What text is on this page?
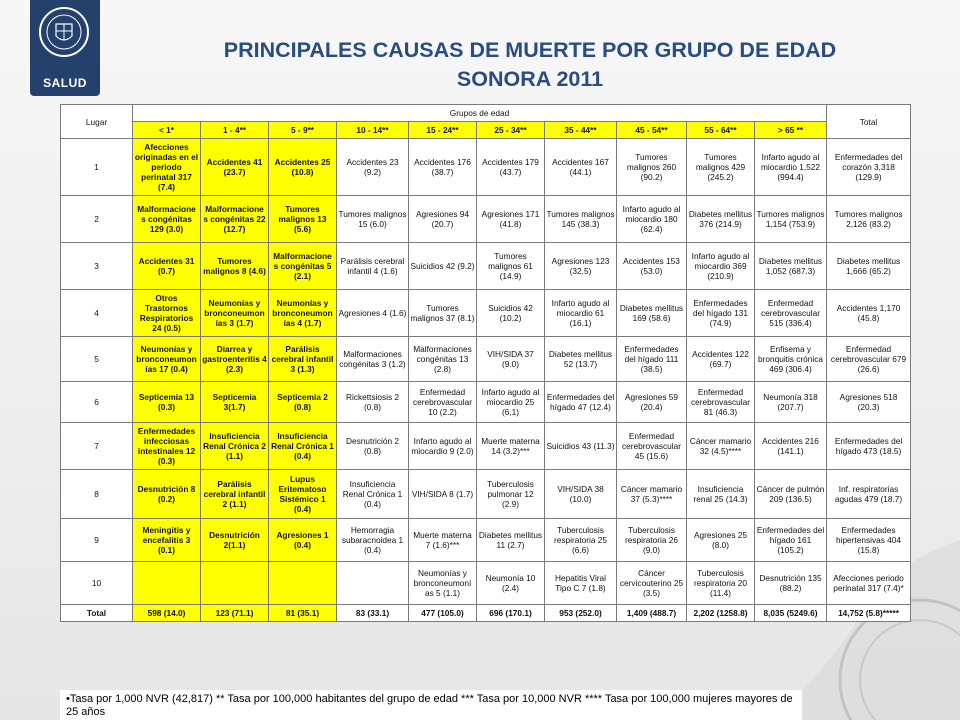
SALUD
PRINCIPALES CAUSAS DE MUERTE POR GRUPO DE EDAD
SONORA 2011
Lugar	Grupos de edad										Total
	< 1*	1 - 4**	5 - 9**	10 - 14**	15 - 24**	25 - 34**	35 - 44**	45 - 54**	55 - 64**	> 65 **	
1	Afecciones originadas en el periodo perinatal 317 (7.4)	Accidentes 41 (23.7)	Accidentes 25 (10.8)	Accidentes 23 (9.2)	Accidentes 176 (38.7)	Accidentes 179 (43.7)	Accidentes 167 (44.1)	Tumores malignos 260 (90.2)	Tumores malignos 429 (245.2)	Infarto agudo al miocardio 1,522 (994.4)	Enfermedades del corazón 3,318 (129.9)
2	Malformacione s congénitas 129 (3.0)	Malformacione s congénitas 22 (12.7)	Tumores malignos 13 (5.6)	Tumores malignos 15 (6.0)	Agresiones 94 (20.7)	Agresiones 171 (41.8)	Tumores malignos 145 (38.3)	Infarto agudo al miocardio 180 (62.4)	Diabetes mellitus 376 (214.9)	Tumores malignos 1,154 (753.9)	Tumores malignos 2,126 (83.2)
3	Accidentes 31 (0.7)	Tumores malignos 8 (4.6)	Malformacione s congénitas 5 (2.1)	Parálisis cerebral infantil 4 (1.6)	Suicidios 42 (9.2)	Tumores malignos 61 (14.9)	Agresiones 123 (32.5)	Accidentes 153 (53.0)	Infarto agudo al miocardio 369 (210.9)	Diabetes mellitus 1,052 (687.3)	Diabetes mellitus 1,666 (65.2)
4	Otros Trastornos Respiratorios 24 (0.5)	Neumonías y bronconeumon ías 3 (1.7)	Neumonías y bronconeumon ías 4 (1.7)	Agresiones 4 (1.6)	Tumores malignos 37 (8.1)	Suicidios 42 (10.2)	Infarto agudo al miocardio 61 (16.1)	Diabetes mellitus 169 (58.6)	Enfermedades del hígado 131 (74.9)	Enfermedad cerebrovascular 515 (336.4)	Accidentes 1,170 (45.8)
5	Neumonías y bronconeumon ías 17 (0.4)	Diarrea y gastroenteritis 4 (2.3)	Parálisis cerebral infantil 3 (1.3)	Malformaciones congénitas 3 (1.2)	Malformaciones congénitas 13 (2.8)	VIH/SIDA 37 (9.0)	Diabetes mellitus 52 (13.7)	Enfermedades del hígado 111 (38.5)	Accidentes 122 (69.7)	Enfisema y bronquitis crónica 469 (306.4)	Enfermedad cerebrovascular 679 (26.6)
6	Septicemia 13 (0.3)	Septicemia 3(1.7)	Septicemia 2 (0.8)	Rickettsiosis 2 (0.8)	Enfermedad cerebrovascular 10 (2.2)	Infarto agudo al miocardio 25 (6,1)	Enfermedades del hígado 47 (12.4)	Agresiones 59 (20.4)	Enfermedad cerebrovascular 81 (46.3)	Neumonía 318 (207.7)	Agresiones 518 (20.3)
7	Enfermedades infecciosas intestinales 12 (0.3)	Insuficiencia Renal Crónica 2 (1.1)	Insuficiencia Renal Crónica 1 (0.4)	Desnutrición 2 (0.8)	Infarto agudo al miocardio 9 (2.0)	Muerte materna 14 (3.2)***	Suicidios 43 (11.3)	Enfermedad cerebrovascular 45 (15.6)	Cáncer mamario 32 (4.5)****	Accidentes 216 (141.1)	Enfermedades del hígado 473 (18.5)
8	Desnutrición 8 (0.2)	Parálisis cerebral infantil 2 (1.1)	Lupus Eritematoso Sistémico 1 (0.4)	Insuficiencia Renal Crónica 1 (0.4)	VIH/SIDA 8 (1.7)	Tuberculosis pulmonar 12 (2.9)	VIH/SIDA 38 (10.0)	Cáncer mamario 37 (5.3)****	Insuficiencia renal 25 (14.3)	Cáncer de pulmón 209 (136.5)	Inf. respiratorias agudas 479 (18.7)
9	Meningitis y encefalitis 3 (0.1)	Desnutrición 2(1.1)	Agresiones 1 (0.4)	Hemorragia subaracnoidea 1 (0.4)	Muerte materna 7 (1.6)***	Diabetes mellitus 11 (2.7)	Tuberculosis respiratoria 25 (6.6)	Tuberculosis respiratoria 26 (9.0)	Agresiones 25 (8.0)	Enfermedades del hígado 161 (105.2)	Enfermedades hipertensivas 404 (15.8)
10					Neumonías y bronconeumoní as 5 (1.1)	Neumonía 10 (2.4)	Hepatitis Viral Tipo C 7 (1.8)	Cáncer cervicouterino 25 (3.5)	Tuberculosis respiratoria 20 (11.4)	Desnutrición 135 (88.2)	Afecciones periodo perinatal 317 (7.4)*
Total	598 (14.0)	123 (71.1)	81 (35.1)	83 (33.1)	477 (105.0)	696 (170.1)	953 (252.0)	1,409 (488.7)	2,202 (1258.8)	8,035 (5249.6)	14,752 (5.8)*****
•Tasa por 1,000 NVR (42,817) ** Tasa por 100,000 habitantes del grupo de edad *** Tasa por 10,000 NVR **** Tasa por 100,000 mujeres mayores de 25 años
